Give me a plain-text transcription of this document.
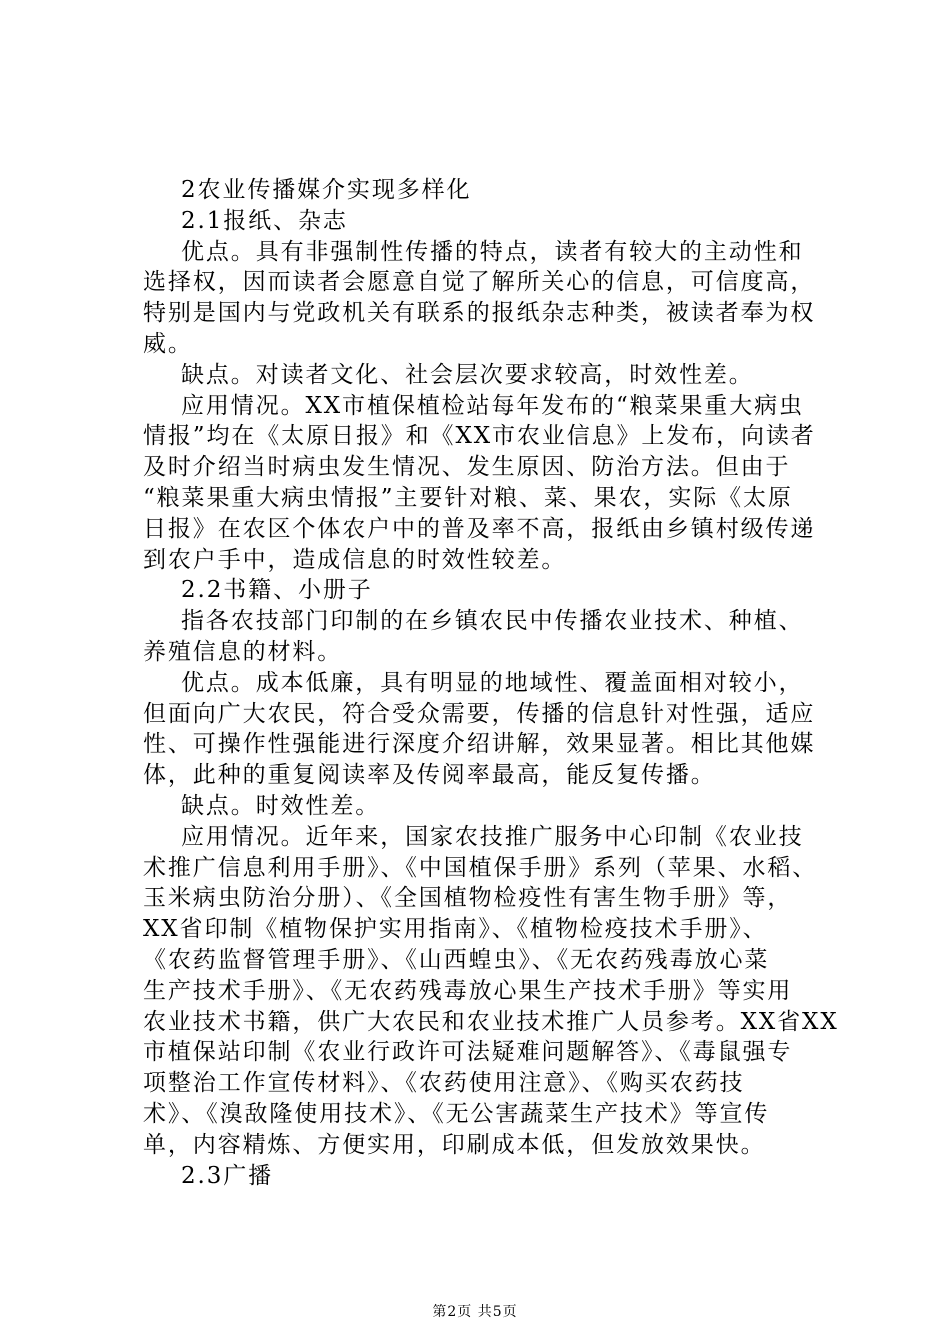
2农业传播媒介实现多样化
2.1报纸、杂志
优点。具有非强制性传播的特点，读者有较大的主动性和
选择权，因而读者会愿意自觉了解所关心的信息，可信度高，
特别是国内与党政机关有联系的报纸杂志种类，被读者奉为权
威。
缺点。对读者文化、社会层次要求较高，时效性差。
应用情况。XX市植保植检站每年发布的“粮菜果重大病虫
情报”均在《太原日报》和《XX市农业信息》上发布，向读者
及时介绍当时病虫发生情况、发生原因、防治方法。但由于
“粮菜果重大病虫情报”主要针对粮、菜、果农，实际《太原
日报》在农区个体农户中的普及率不高，报纸由乡镇村级传递
到农户手中，造成信息的时效性较差。
2.2书籍、小册子
指各农技部门印制的在乡镇农民中传播农业技术、种植、
养殖信息的材料。
优点。成本低廉，具有明显的地域性、覆盖面相对较小，
但面向广大农民，符合受众需要，传播的信息针对性强，适应
性、可操作性强能进行深度介绍讲解，效果显著。相比其他媒
体，此种的重复阅读率及传阅率最高，能反复传播。
缺点。时效性差。
应用情况。近年来，国家农技推广服务中心印制《农业技
术推广信息利用手册》、《中国植保手册》系列（苹果、水稻、
玉米病虫防治分册）、《全国植物检疫性有害生物手册》等，
XX省印制《植物保护实用指南》、《植物检疫技术手册》、
《农药监督管理手册》、《山西蝗虫》、《无农药残毒放心菜
生产技术手册》、《无农药残毒放心果生产技术手册》等实用
农业技术书籍，供广大农民和农业技术推广人员参考。XX省XX
市植保站印制《农业行政许可法疑难问题解答》、《毒鼠强专
项整治工作宣传材料》、《农药使用注意》、《购买农药技
术》、《溴敌隆使用技术》、《无公害蔬菜生产技术》等宣传
单，内容精炼、方便实用，印刷成本低，但发放效果快。
2.3广播
第2页 共5页
